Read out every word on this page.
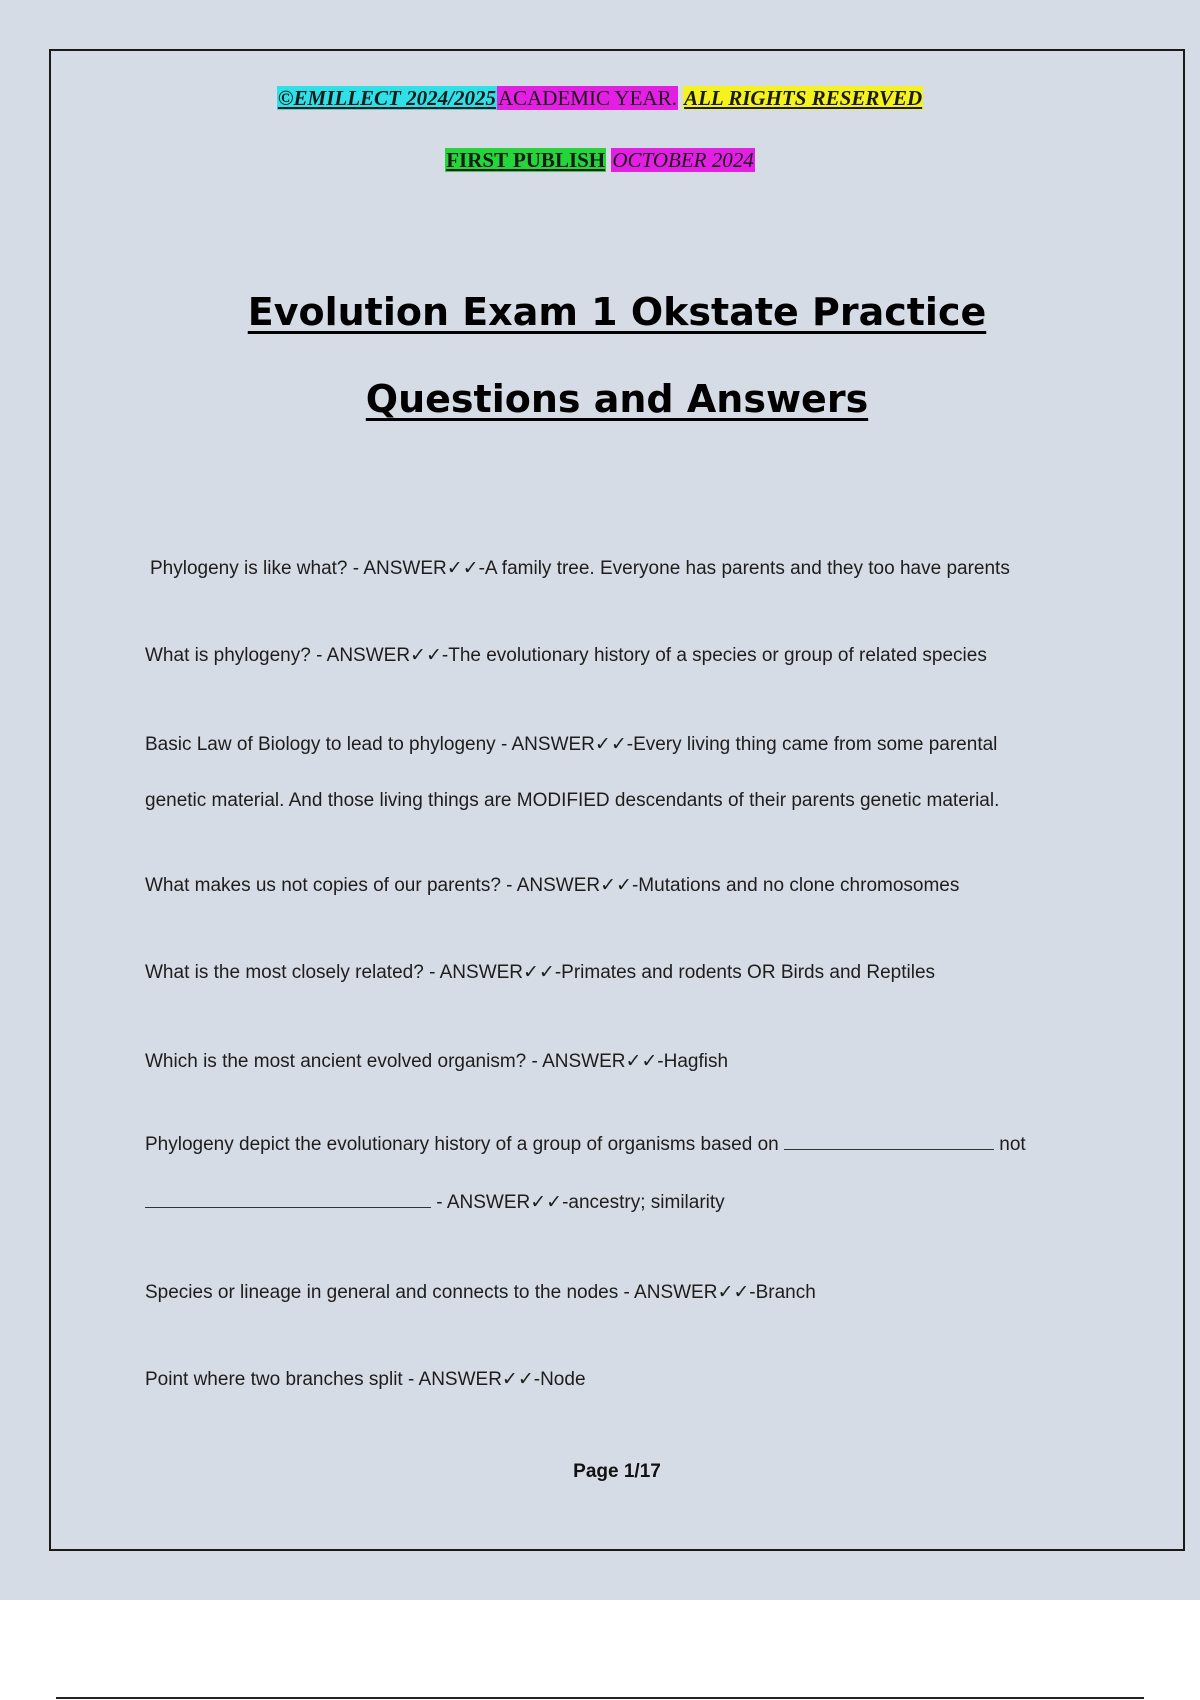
©EMILLECT 2024/2025ACADEMIC YEAR. ALL RIGHTS RESERVED
FIRST PUBLISH OCTOBER 2024
Evolution Exam 1 Okstate Practice
Questions and Answers
Phylogeny is like what? - ANSWER✓✓-A family tree. Everyone has parents and they too have parents
What is phylogeny? - ANSWER✓✓-The evolutionary history of a species or group of related species
Basic Law of Biology to lead to phylogeny - ANSWER✓✓-Every living thing came from some parental
genetic material. And those living things are MODIFIED descendants of their parents genetic material.
What makes us not copies of our parents? - ANSWER✓✓-Mutations and no clone chromosomes
What is the most closely related? - ANSWER✓✓-Primates and rodents OR Birds and Reptiles
Which is the most ancient evolved organism? - ANSWER✓✓-Hagfish
Phylogeny depict the evolutionary history of a group of organisms based on	not
- ANSWER✓✓-ancestry; similarity
Species or lineage in general and connects to the nodes - ANSWER✓✓-Branch
Point where two branches split - ANSWER✓✓-Node
Page 1/17
